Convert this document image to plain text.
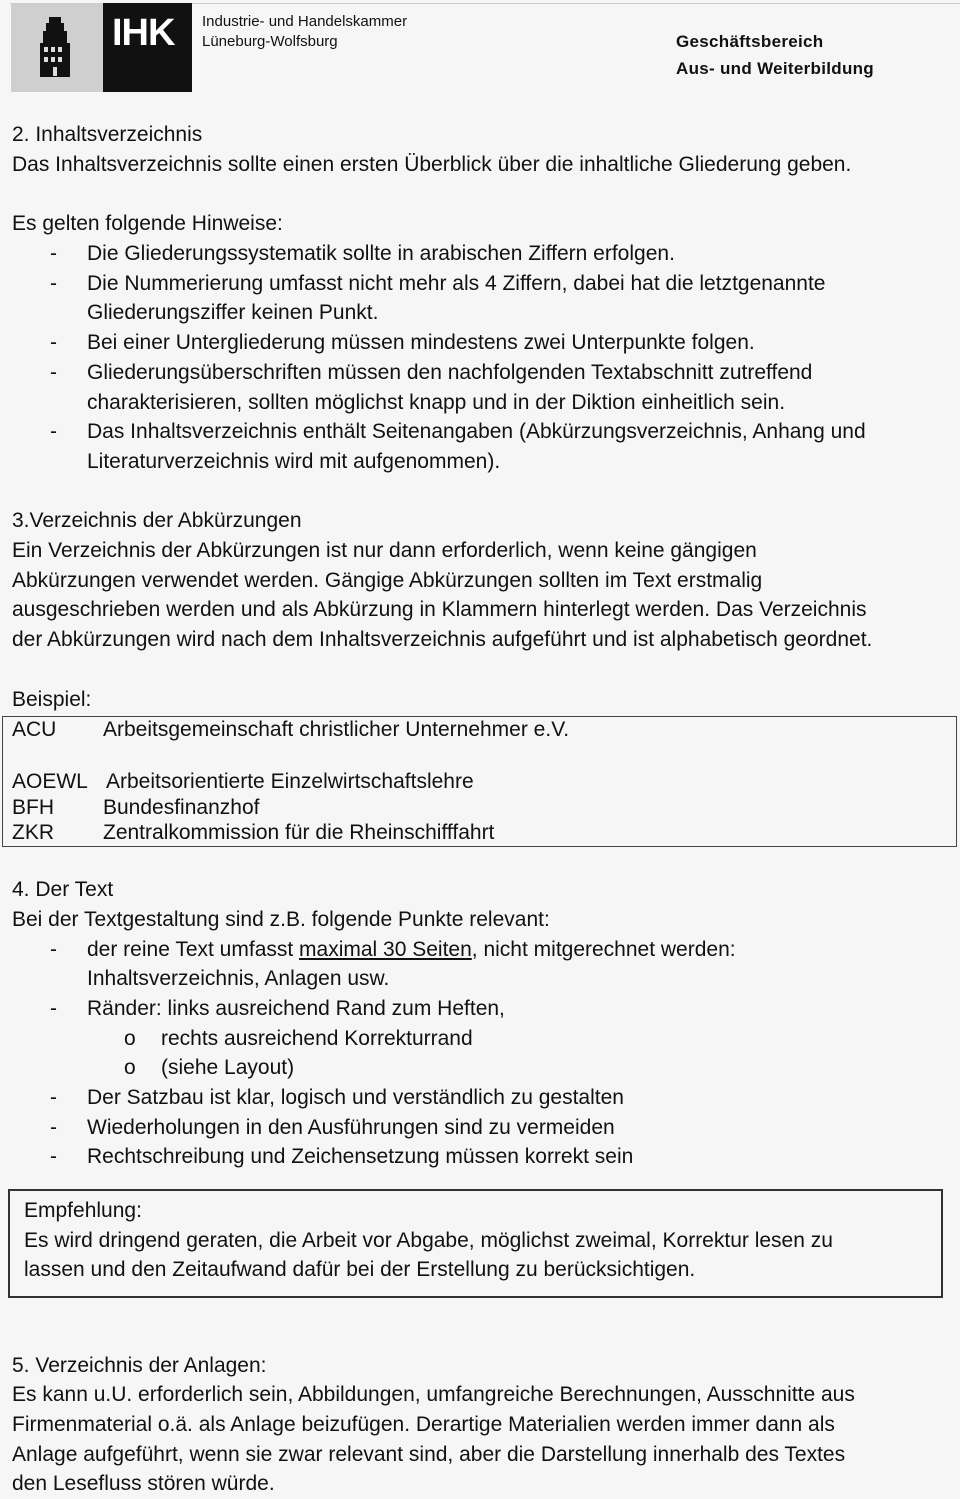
IHK Industrie- und Handelskammer
Lüneburg-Wolfsburg	Geschäftsbereich
Aus- und Weiterbildung
2. Inhaltsverzeichnis
Das Inhaltsverzeichnis sollte einen ersten Überblick über die inhaltliche Gliederung geben.
Es gelten folgende Hinweise:
- Die Gliederungssystematik sollte in arabischen Ziffern erfolgen.
- Die Nummerierung umfasst nicht mehr als 4 Ziffern, dabei hat die letztgenannte
Gliederungsziffer keinen Punkt.
- Bei einer Untergliederung müssen mindestens zwei Unterpunkte folgen.
- Gliederungsüberschriften müssen den nachfolgenden Textabschnitt zutreffend
charakterisieren, sollten möglichst knapp und in der Diktion einheitlich sein.
- Das Inhaltsverzeichnis enthält Seitenangaben (Abkürzungsverzeichnis, Anhang und
Literaturverzeichnis wird mit aufgenommen).
3.Verzeichnis der Abkürzungen
Ein Verzeichnis der Abkürzungen ist nur dann erforderlich, wenn keine gängigen
Abkürzungen verwendet werden. Gängige Abkürzungen sollten im Text erstmalig
ausgeschrieben werden und als Abkürzung in Klammern hinterlegt werden. Das Verzeichnis
der Abkürzungen wird nach dem Inhaltsverzeichnis aufgeführt und ist alphabetisch geordnet.
Beispiel:
ACU Arbeitsgemeinschaft christlicher Unternehmer e.V.
AOEWL Arbeitsorientierte Einzelwirtschaftslehre
BFH Bundesfinanzhof
ZKR Zentralkommission für die Rheinschifffahrt
4. Der Text
Bei der Textgestaltung sind z.B. folgende Punkte relevant:
- der reine Text umfasst maximal 30 Seiten, nicht mitgerechnet werden:
Inhaltsverzeichnis, Anlagen usw.
- Ränder: links ausreichend Rand zum Heften,
o rechts ausreichend Korrekturrand
o (siehe Layout)
- Der Satzbau ist klar, logisch und verständlich zu gestalten
- Wiederholungen in den Ausführungen sind zu vermeiden
- Rechtschreibung und Zeichensetzung müssen korrekt sein
Empfehlung:
Es wird dringend geraten, die Arbeit vor Abgabe, möglichst zweimal, Korrektur lesen zu
lassen und den Zeitaufwand dafür bei der Erstellung zu berücksichtigen.
5. Verzeichnis der Anlagen:
Es kann u.U. erforderlich sein, Abbildungen, umfangreiche Berechnungen, Ausschnitte aus
Firmenmaterial o.ä. als Anlage beizufügen. Derartige Materialien werden immer dann als
Anlage aufgeführt, wenn sie zwar relevant sind, aber die Darstellung innerhalb des Textes
den Lesefluss stören würde.
